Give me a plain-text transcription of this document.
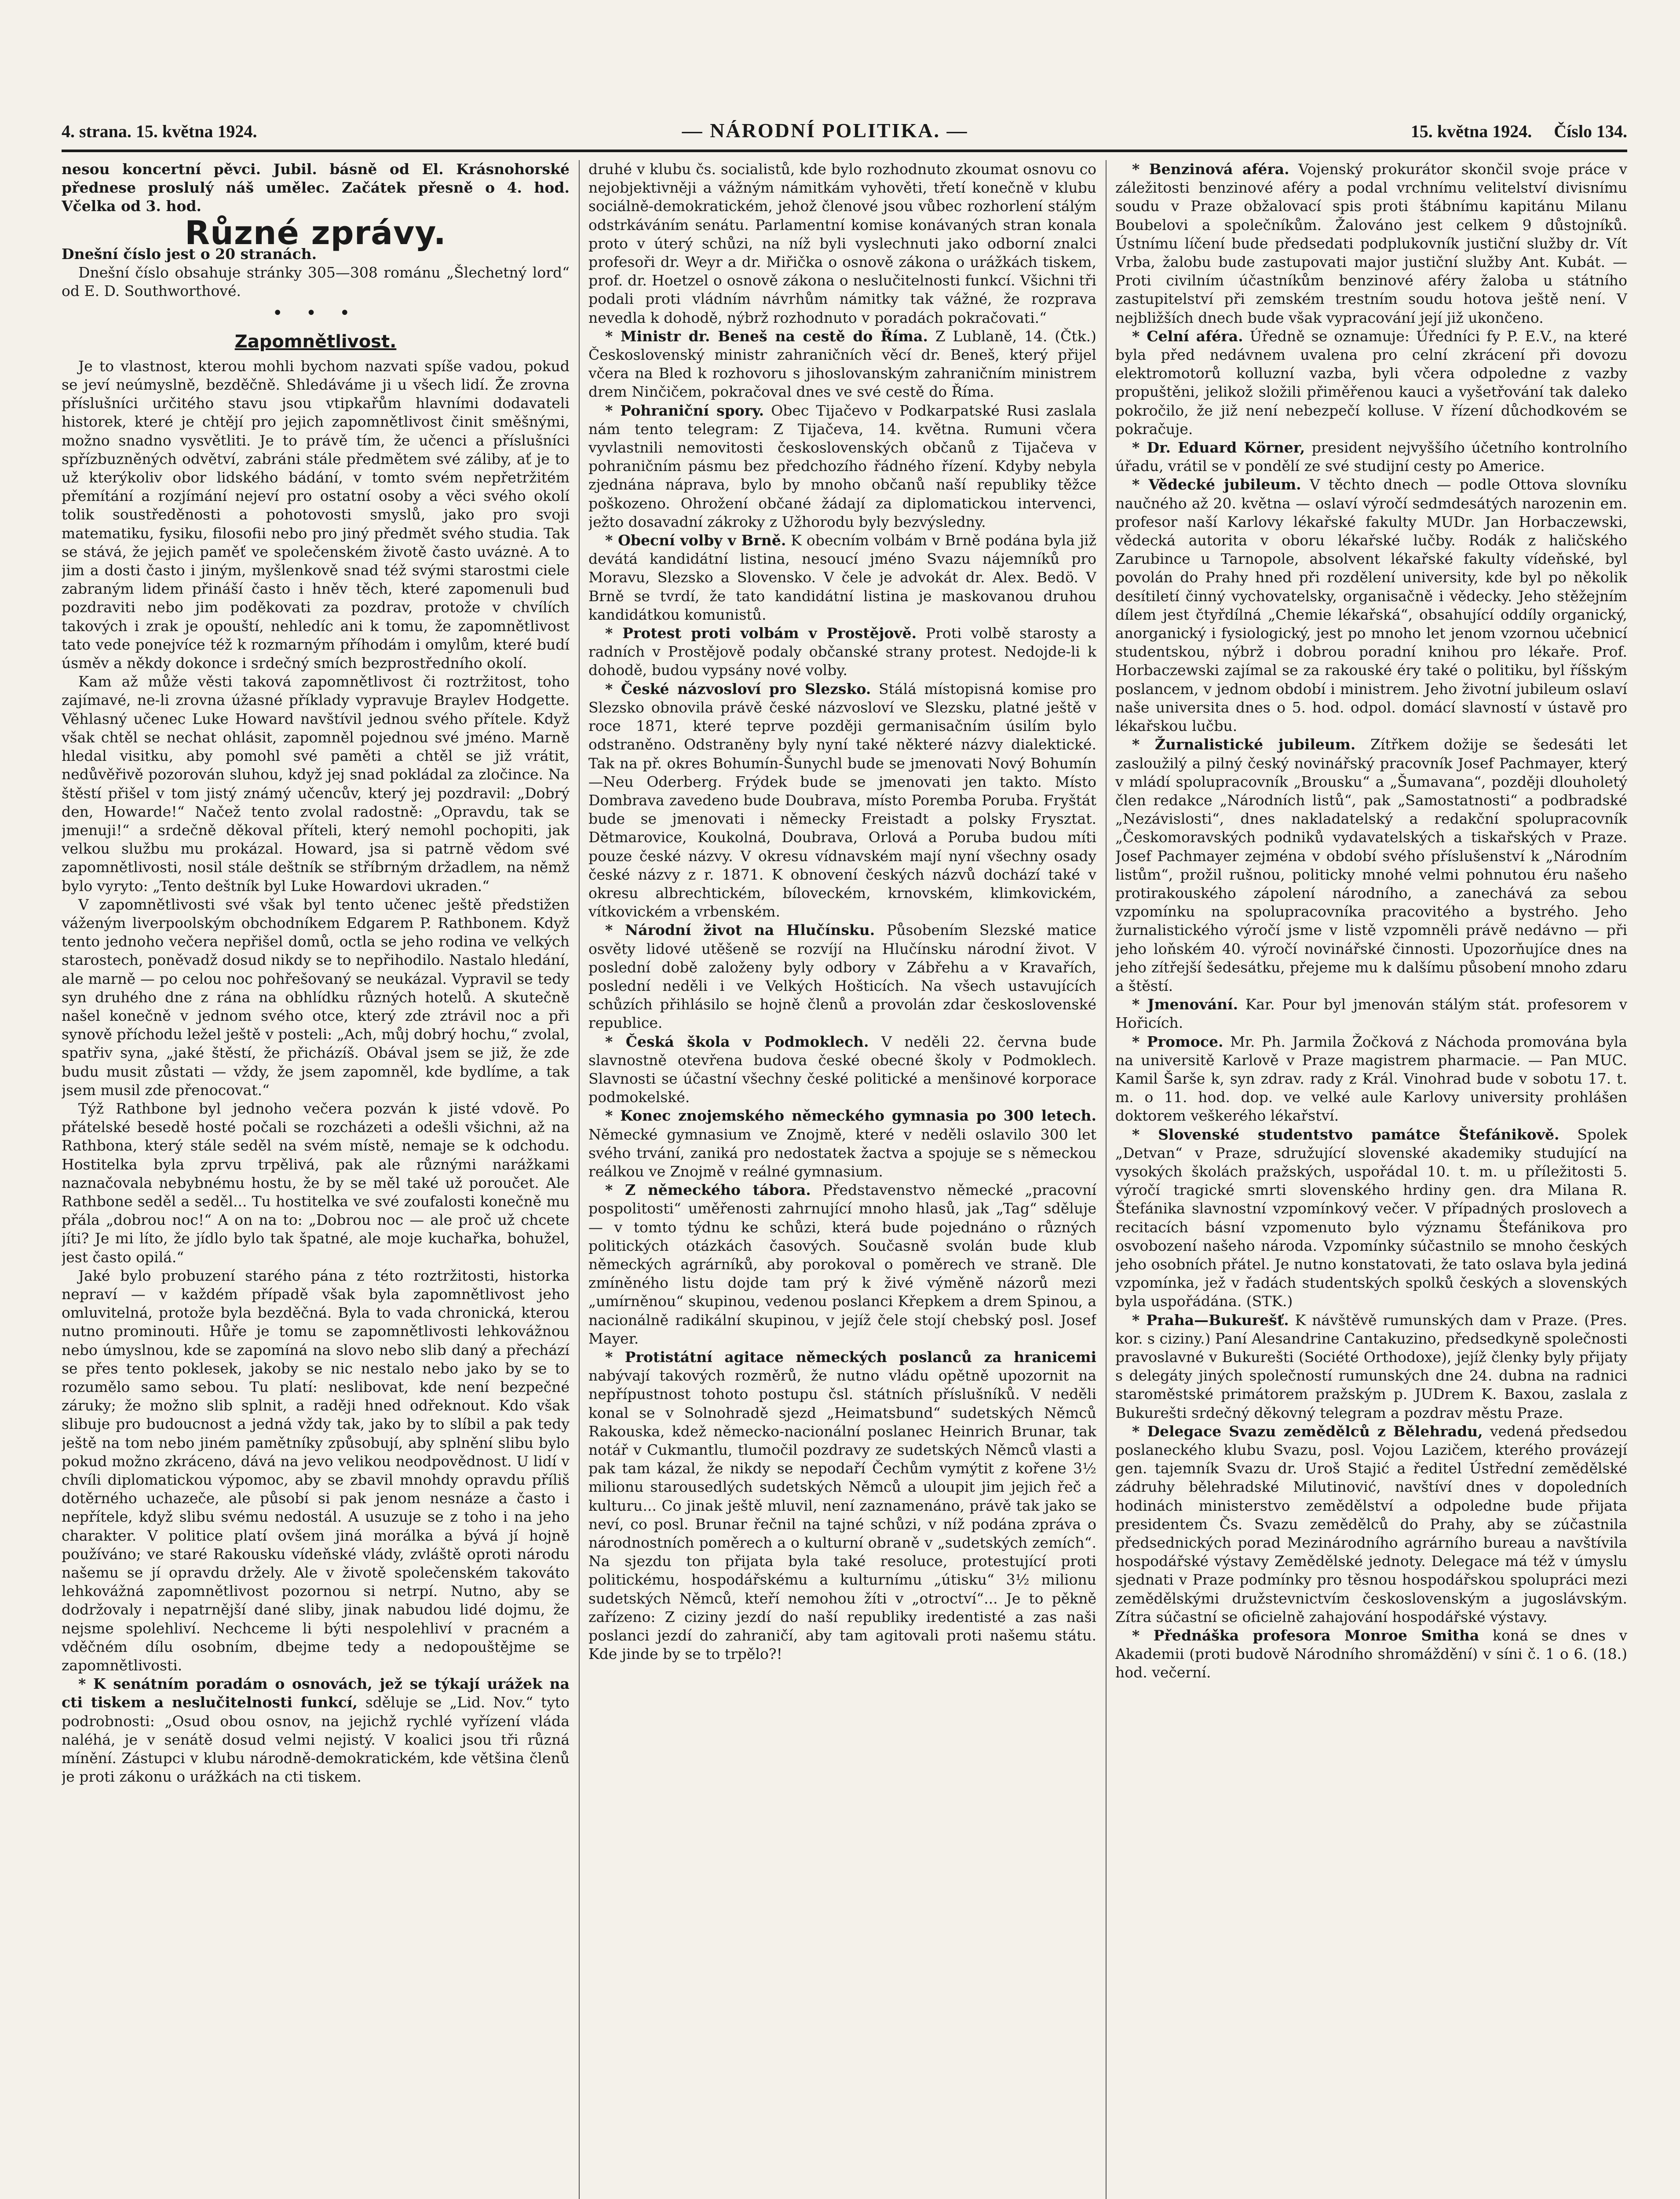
4. strana. 15. května 1924.	— NÁRODNÍ POLITIKA. —	15. května 1924. Číslo 134.

nesou koncertní pěvci. Jubil. básně od El. Krásnohorské přednese proslulý náš umělec. Začátek přesně o 4. hod. Včelka od 3. hod.

Různé zprávy.

Dnešní číslo jest o 20 stranách.

Dnešní číslo obsahuje stránky 305—308 románu „Šlechetný lord“ od E. D. Southworthové.

• • •
Zapomnětlivost.

Je to vlastnost, kterou mohli bychom nazvati spíše vadou, pokud se jeví neúmyslně, bezděčně. Shledáváme ji u všech lidí. Že zrovna příslušníci určitého stavu jsou vtipkařům hlavními dodavateli historek, které je chtějí pro jejich zapomnětlivost činit směšnými, možno snadno vysvětliti. Je to právě tím, že učenci a příslušníci spřízbuzněných odvětví, zabráni stále předmětem své záliby, ať je to už kterýkoliv obor lidského bádání, v tomto svém nepřetržitém přemítání a rozjímání nejeví pro ostatní osoby a věci svého okolí tolik soustředěnosti a pohotovosti smyslů, jako pro svoji matematiku, fysiku, filosofii nebo pro jiný předmět svého studia. Tak se stává, že jejich paměť ve společenském životě často uváznė. A to jim a dosti často i jiným, myšlenkově snad též svými starostmi ciele zabraným lidem přináší často i hněv těch, které zapomenuli bud pozdraviti nebo jim poděkovati za pozdrav, protože v chvílích takových i zrak je opouští, nehledíc ani k tomu, že zapomnětlivost tato vede ponejvíce též k rozmarným příhodám i omylům, které budí úsměv a někdy dokonce i srdečný smích bezprostředního okolí.

Kam až může věsti taková zapomnětlivost či roztržitost, toho zajímavé, ne-li zrovna úžasné příklady vypravuje Braylev Hodgette. Věhlasný učenec Luke Howard navštívil jednou svého přítele. Když však chtěl se nechat ohlásit, zapomněl pojednou své jméno. Marně hledal visitku, aby pomohl své paměti a chtěl se již vrátit, nedůvěřivě pozorován sluhou, když jej snad pokládal za zločince. Na štěstí přišel v tom jistý známý učencův, který jej pozdravil: „Dobrý den, Howarde!“ Načež tento zvolal radostně: „Opravdu, tak se jmenuji!“ a srdečně děkoval příteli, který nemohl pochopiti, jak velkou službu mu prokázal. Howard, jsa si patrně vědom své zapomnětlivosti, nosil stále deštník se stříbrným držadlem, na němž bylo vyryto: „Tento deštník byl Luke Howardovi ukraden.“

V zapomnětlivosti své však byl tento učenec ještě předstižen váženým liverpoolským obchodníkem Edgarem P. Rathbonem. Když tento jednoho večera nepřišel domů, octla se jeho rodina ve velkých starostech, poněvadž dosud nikdy se to nepřihodilo. Nastalo hledání, ale marně — po celou noc pohřešovaný se neukázal. Vypravil se tedy syn druhého dne z rána na obhlídku různých hotelů. A skutečně našel konečně v jednom svého otce, který zde ztrávil noc a při synově příchodu ležel ještě v posteli: „Ach, můj dobrý hochu,“ zvolal, spatřiv syna, „jaké štěstí, že přicházíš. Obával jsem se již, že zde budu musit zůstati — vždy, že jsem zapomněl, kde bydlíme, a tak jsem musil zde přenocovat.“

Týž Rathbone byl jednoho večera pozván k jisté vdově. Po přátelské besedě hosté počali se rozcházeti a odešli všichni, až na Rathbona, který stále seděl na svém místě, nemaje se k odchodu. Hostitelka byla zprvu trpělivá, pak ale různými narážkami naznačovala nebybnému hostu, že by se měl také už poroučet. Ale Rathbone seděl a seděl... Tu hostitelka ve své zoufalosti konečně mu přála „dobrou noc!“ A on na to: „Dobrou noc — ale proč už chcete jíti? Je mi líto, že jídlo bylo tak špatné, ale moje kuchařka, bohužel, jest často opilá.“

Jaké bylo probuzení starého pána z této roztržitosti, historka nepraví — v každém případě však byla zapomnětlivost jeho omluvitelná, protože byla bezděčná. Byla to vada chronická, kterou nutno prominouti. Hůře je tomu se zapomnětlivosti lehkovážnou nebo úmyslnou, kde se zapomíná na slovo nebo slib daný a přechází se přes tento poklesek, jakoby se nic nestalo nebo jako by se to rozumělo samo sebou. Tu platí: neslibovat, kde není bezpečné záruky; že možno slib splnit, a raději hned odřeknout. Kdo však slibuje pro budoucnost a jedná vždy tak, jako by to slíbil a pak tedy ještě na tom nebo jiném pamětníky způsobují, aby splnění slibu bylo pokud možno zkráceno, dává na jevo velikou neodpovědnost. U lidí v chvíli diplomatickou výpomoc, aby se zbavil mnohdy opravdu příliš dotěrného uchazeče, ale působí si pak jenom nesnáze a často i nepřítele, když slibu svému nedostál. A usuzuje se z toho i na jeho charakter. V politice platí ovšem jiná morálka a bývá jí hojně používáno; ve staré Rakousku vídeňské vlády, zvláště oproti národu našemu se jí opravdu držely. Ale v životě společenském takováto lehkovážná zapomnětlivost pozornou si netrpí. Nutno, aby se dodržovaly i nepatrnější dané sliby, jinak nabudou lidé dojmu, že nejsme spolehliví. Nechceme li býti nespolehliví v pracném a vděčném dílu osobním, dbejme tedy a nedopouštějme se zapomnětlivosti.

* K senátním poradám o osnovách, jež se týkají urážek na cti tiskem a neslučitelnosti funkcí, sděluje se „Lid. Nov.“ tyto podrobnosti: „Osud obou osnov, na jejichž rychlé vyřízení vláda naléhá, je v senátě dosud velmi nejistý. V koalici jsou tři různá mínění. Zástupci v klubu národně-demokratickém, kde většina členů je proti zákonu o urážkách na cti tiskem.

druhé v klubu čs. socialistů, kde bylo rozhodnuto zkoumat osnovu co nejobjektivněji a vážným námitkám vyhověti, třetí konečně v klubu sociálně-demokratickém, jehož členové jsou vůbec rozhorlení stálým odstrkáváním senátu. Parlamentní komise konávaných stran konala proto v úterý schůzi, na níž byli vyslechnuti jako odborní znalci profesoři dr. Weyr a dr. Miřička o osnově zákona o urážkách tiskem, prof. dr. Hoetzel o osnově zákona o neslučitelnosti funkcí. Všichni tři podali proti vládním návrhům námitky tak vážné, že rozprava nevedla k dohodě, nýbrž rozhodnuto v poradách pokračovati.“

* Ministr dr. Beneš na cestě do Říma. Z Lublaně, 14. (Čtk.) Československý ministr zahraničních věcí dr. Beneš, který přijel včera na Bled k rozhovoru s jihoslovanským zahraničním ministrem drem Ninčičem, pokračoval dnes ve své cestě do Říma.

* Pohraniční spory. Obec Tijačevo v Podkarpatské Rusi zaslala nám tento telegram: Z Tijačeva, 14. května. Rumuni včera vyvlastnili nemovitosti československých občanů z Tijačeva v pohraničním pásmu bez předchozího řádného řízení. Kdyby nebyla zjednána náprava, bylo by mnoho občanů naší republiky těžce poškozeno. Ohrožení občané žádají za diplomatickou intervenci, ježto dosavadní zákroky z Užhorodu byly bezvýsledny.

* Obecní volby v Brně. K obecním volbám v Brně podána byla již devátá kandidátní listina, nesoucí jméno Svazu nájemníků pro Moravu, Slezsko a Slovensko. V čele je advokát dr. Alex. Bedö. V Brně se tvrdí, že tato kandidátní listina je maskovanou druhou kandidátkou komunistů.

* Protest proti volbám v Prostějově. Proti volbě starosty a radních v Prostějově podaly občanské strany protest. Nedojde-li k dohodě, budou vypsány nové volby.

* České názvosloví pro Slezsko. Stálá místopisná komise pro Slezsko obnovila právě české názvosloví ve Slezsku, platné ještě v roce 1871, které teprve později germanisačním úsilím bylo odstraněno. Odstraněny byly nyní také některé názvy dialektické. Tak na př. okres Bohumín-Šunychl bude se jmenovati Nový Bohumín—Neu Oderberg. Frýdek bude se jmenovati jen takto. Místo Dombrava zavedeno bude Doubrava, místo Poremba Poruba. Fryštát bude se jmenovati i německy Freistadt a polsky Frysztat. Dětmarovice, Koukolná, Doubrava, Orlová a Poruba budou míti pouze české názvy. V okresu vídnavském mají nyní všechny osady české názvy z r. 1871. K obnovení českých názvů dochází také v okresu albrechtickém, bíloveckém, krnovském, klimkovickém, vítkovickém a vrbenském.

* Národní život na Hlučínsku. Působením Slezské matice osvěty lidové utěšeně se rozvíjí na Hlučínsku národní život. V poslední době založeny byly odbory v Zábřehu a v Kravařích, poslední neděli i ve Velkých Hošticích. Na všech ustavujících schůzích přihlásilo se hojně členů a provolán zdar československé republice.

* Česká škola v Podmoklech. V neděli 22. června bude slavnostně otevřena budova české obecné školy v Podmoklech. Slavnosti se účastní všechny české politické a menšinové korporace podmokelské.

* Konec znojemského německého gymnasia po 300 letech. Německé gymnasium ve Znojmě, které v neděli oslavilo 300 let svého trvání, zaniká pro nedostatek žactva a spojuje se s německou reálkou ve Znojmě v reálné gymnasium.

* Z německého tábora. Představenstvo německé „pracovní pospolitosti“ uměřenosti zahrnující mnoho hlasů, jak „Tag“ sděluje — v tomto týdnu ke schůzi, která bude pojednáno o různých politických otázkách časových. Současně svolán bude klub německých agrárníků, aby porokoval o poměrech ve straně. Dle zmíněného listu dojde tam prý k živé výměně názorů mezi „umírněnou“ skupinou, vedenou poslanci Křepkem a drem Spinou, a nacionálně radikální skupinou, v jejíž čele stojí chebský posl. Josef Mayer.

* Protistátní agitace německých poslanců za hranicemi nabývají takových rozměrů, že nutno vládu opětně upozornit na nepřípustnost tohoto postupu čsl. státních příslušníků. V neděli konal se v Solnohradě sjezd „Heimatsbund“ sudetských Němců Rakouska, kdež německo-nacionální poslanec Heinrich Brunar, tak notář v Cukmantlu, tlumočil pozdravy ze sudetských Němců vlasti a pak tam kázal, že nikdy se nepodaří Čechům vymýtit z kořene 3½ milionu starousedlých sudetských Němců a uloupit jim jejich řeč a kulturu... Co jinak ještě mluvil, není zaznamenáno, právě tak jako se neví, co posl. Brunar řečnil na tajné schůzi, v níž podána zpráva o národnostních poměrech a o kulturní obraně v „sudetských zemích“. Na sjezdu ton přijata byla také resoluce, protestující proti politickému, hospodářskému a kulturnímu „útisku“ 3½ milionu sudetských Němců, kteří nemohou žíti v „otroctví“... Je to pěkně zařízeno: Z ciziny jezdí do naší republiky iredentisté a zas naši poslanci jezdí do zahraničí, aby tam agitovali proti našemu státu. Kde jinde by se to trpělo?!

* Benzinová aféra. Vojenský prokurátor skončil svoje práce v záležitosti benzinové aféry a podal vrchnímu velitelství divisnímu soudu v Praze obžalovací spis proti štábnímu kapitánu Milanu Boubelovi a společníkům. Žalováno jest celkem 9 důstojníků. Ústnímu líčení bude předsedati podplukovník justiční služby dr. Vít Vrba, žalobu bude zastupovati major justiční služby Ant. Kubát. — Proti civilním účastníkům benzinové aféry žaloba u státního zastupitelství při zemském trestním soudu hotova ještě není. V nejbližších dnech bude však vypracování její již ukončeno.

* Celní aféra. Úředně se oznamuje: Úředníci fy P. E.V., na které byla před nedávnem uvalena pro celní zkrácení při dovozu elektromotorů kolluzní vazba, byli včera odpoledne z vazby propuštěni, jelikož složili přiměřenou kauci a vyšetřování tak daleko pokročilo, že již není nebezpečí kolluse. V řízení důchodkovém se pokračuje.

* Dr. Eduard Körner, president nejvyššího účetního kontrolního úřadu, vrátil se v pondělí ze své studijní cesty po Americe.

* Vědecké jubileum. V těchto dnech — podle Ottova slovníku naučného až 20. května — oslaví výročí sedmdesátých narozenin em. profesor naší Karlovy lékařské fakulty MUDr. Jan Horbaczewski, vědecká autorita v oboru lékařské lučby. Rodák z haličského Zarubince u Tarnopole, absolvent lékařské fakulty vídeňské, byl povolán do Prahy hned při rozdělení university, kde byl po několik desítiletí činný vychovatelsky, organisačně i vědecky. Jeho stěžejním dílem jest čtyřdílná „Chemie lékařská“, obsahující oddíly organický, anorganický i fysiologický, jest po mnoho let jenom vzornou učebnicí studentskou, nýbrž i dobrou poradní knihou pro lékaře. Prof. Horbaczewski zajímal se za rakouské éry také o politiku, byl říšským poslancem, v jednom období i ministrem. Jeho životní jubileum oslaví naše universita dnes o 5. hod. odpol. domácí slavností v ústavě pro lékařskou lučbu.

* Žurnalistické jubileum. Zítřkem dožije se šedesáti let zasloužilý a pilný český novinářský pracovník Josef Pachmayer, který v mládí spolupracovník „Brousku“ a „Šumavana“, později dlouholetý člen redakce „Národních listů“, pak „Samostatnosti“ a podbradské „Nezávislosti“, dnes nakladatelský a redakční spolupracovník „Českomoravských podniků vydavatelských a tiskařských v Praze. Josef Pachmayer zejména v období svého příslušenství k „Národním listům“, prožil rušnou, politicky mnohé velmi pohnutou éru našeho protirakouského zápolení národního, a zanechává za sebou vzpomínku na spolupracovníka pracovitého a bystrého. Jeho žurnalistického výročí jsme v listě vzpomněli právě nedávno — při jeho loňském 40. výročí novinářské činnosti. Upozorňujíce dnes na jeho zítřejší šedesátku, přejeme mu k dalšímu působení mnoho zdaru a štěstí.

* Jmenování. Kar. Pour byl jmenován stálým stát. profesorem v Hořicích.

* Promoce. Mr. Ph. Jarmila Žočková z Náchoda promována byla na universitě Karlově v Praze magistrem pharmacie. — Pan MUC. Kamil Šarše k, syn zdrav. rady z Král. Vinohrad bude v sobotu 17. t. m. o 11. hod. dop. ve velké aule Karlovy university prohlášen doktorem veškerého lékařství.

* Slovenské studentstvo památce Štefánikově. Spolek „Detvan“ v Praze, sdružující slovenské akademiky studující na vysokých školách pražských, uspořádal 10. t. m. u příležitosti 5. výročí tragické smrti slovenského hrdiny gen. dra Milana R. Štefánika slavnostní vzpomínkový večer. V případných proslovech a recitacích básní vzpomenuto bylo významu Štefánikova pro osvobození našeho národa. Vzpomínky súčastnilo se mnoho českých jeho osobních přátel. Je nutno konstatovati, že tato oslava byla jediná vzpomínka, jež v řadách studentských spolků českých a slovenských byla uspořádána. (STK.)

* Praha—Bukurešť. K návštěvě rumunských dam v Praze. (Pres. kor. s ciziny.) Paní Alesandrine Cantakuzino, předsedkyně společnosti pravoslavné v Bukurešti (Société Orthodoxe), jejíž členky byly přijaty s delegáty jiných společností rumunských dne 24. dubna na radnici staroměstské primátorem pražským p. JUDrem K. Baxou, zaslala z Bukurešti srdečný děkovný telegram a pozdrav městu Praze.

* Delegace Svazu zemědělců z Bělehradu, vedená předsedou poslaneckého klubu Svazu, posl. Vojou Lazičem, kterého provázejí gen. tajemník Svazu dr. Uroš Stajić a ředitel Ústřední zemědělské zádruhy bělehradské Milutinović, navštíví dnes v dopoledních hodinách ministerstvo zemědělství a odpoledne bude přijata presidentem Čs. Svazu zemědělců do Prahy, aby se zúčastnila předsednických porad Mezinárodního agrárního bureau a navštívila hospodářské výstavy Zemědělské jednoty. Delegace má též v úmyslu sjednati v Praze podmínky pro těsnou hospodářskou spolupráci mezi zemědělskými družstevnictvím československým a jugoslávským. Zítra súčastní se oficielně zahajování hospodářské výstavy.

* Přednáška profesora Monroe Smitha koná se dnes v Akademii (proti budově Národního shromáždění) v síni č. 1 o 6. (18.) hod. večerní.
